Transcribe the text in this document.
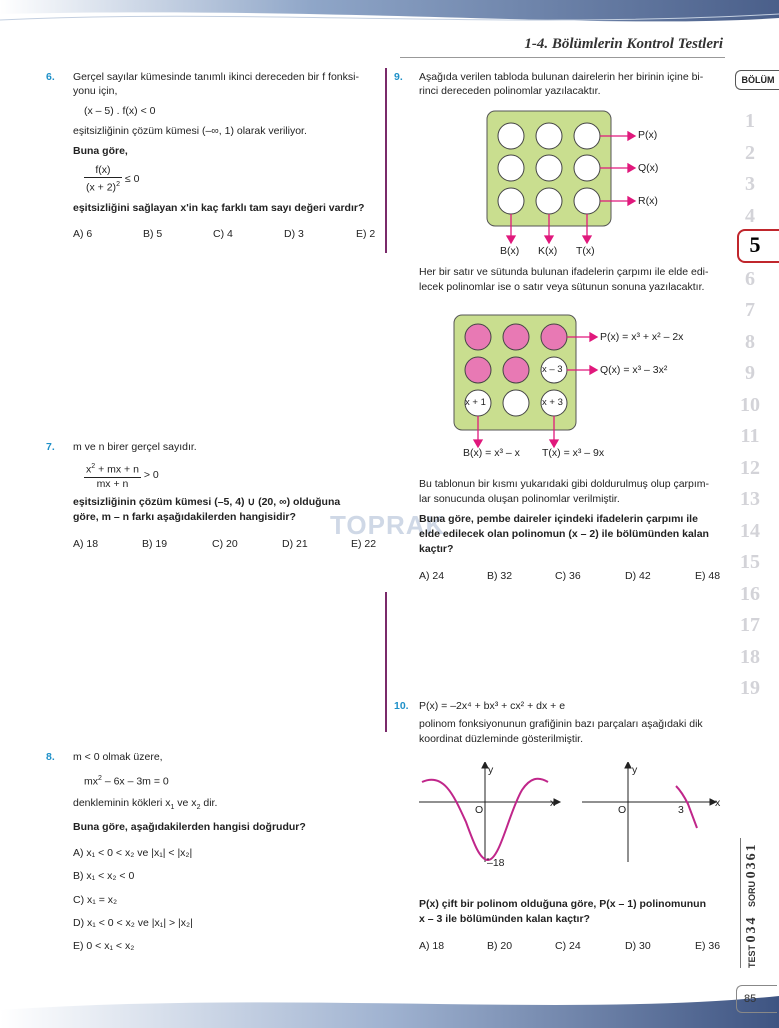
1-4. Bölümlerin Kontrol Testleri
TOPRAK
BÖLÜM
1
2
3
4
6
7
8
9
10
11
12
13
14
15
16
17
18
19
5
TEST 034 SORU 0361
85
6. Gerçel sayılar kümesinde tanımlı ikinci dereceden bir f fonksi-
yonu için,
(x – 5) . f(x) < 0
eşitsizliğinin çözüm kümesi (–∞, 1) olarak veriliyor.
Buna göre,
$\frac{f(x)}{(x + 2)^2} \le 0$
eşitsizliğini sağlayan x'in kaç farklı tam sayı değeri vardır?
A) 6	B) 5	C) 4	D) 3	E) 2
7. m ve n birer gerçel sayıdır.
$\frac{x^2 + mx + n}{mx + n} > 0$
eşitsizliğinin çözüm kümesi (–5, 4) ∪ (20, ∞) olduğuna
göre, m – n farkı aşağıdakilerden hangisidir?
A) 18	B) 19	C) 20	D) 21	E) 22
8. m < 0 olmak üzere,
$mx^2 - 6x - 3m = 0$
denkleminin kökleri $x_1$ ve $x_2$ dir.
Buna göre, aşağıdakilerden hangisi doğrudur?
A) x₁ < 0 < x₂ ve |x₁| < |x₂|
B) x₁ < x₂ < 0
C) x₁ = x₂
D) x₁ < 0 < x₂ ve |x₁| > |x₂|
E) 0 < x₁ < x₂
9. Aşağıda verilen tabloda bulunan dairelerin her birinin içine bi-
rinci dereceden polinomlar yazılacaktır.
P(x)
Q(x)
R(x)
B(x) K(x) T(x)
Her bir satır ve sütunda bulunan ifadelerin çarpımı ile elde edi-
lecek polinomlar ise o satır veya sütunun sonuna yazılacaktır.
x – 3
x + 1	x + 3
P(x) = x³ + x² – 2x
Q(x) = x³ – 3x²
B(x) = x³ – x T(x) = x³ – 9x
Bu tablonun bir kısmı yukarıdaki gibi doldurulmuş olup çarpım-
lar sonucunda oluşan polinomlar verilmiştir.
Buna göre, pembe daireler içindeki ifadelerin çarpımı ile
elde edilecek olan polinomun (x – 2) ile bölümünden kalan
kaçtır?
A) 24	B) 32	C) 36	D) 42	E) 48
10. P(x) = –2x⁴ + bx³ + cx² + dx + e
polinom fonksiyonunun grafiğinin bazı parçaları aşağıdaki dik
koordinat düzleminde gösterilmiştir.
y
x
O
–18
y
x
O	3
P(x) çift bir polinom olduğuna göre, P(x – 1) polinomunun
x – 3 ile bölümünden kalan kaçtır?
A) 18	B) 20	C) 24	D) 30	E) 36
